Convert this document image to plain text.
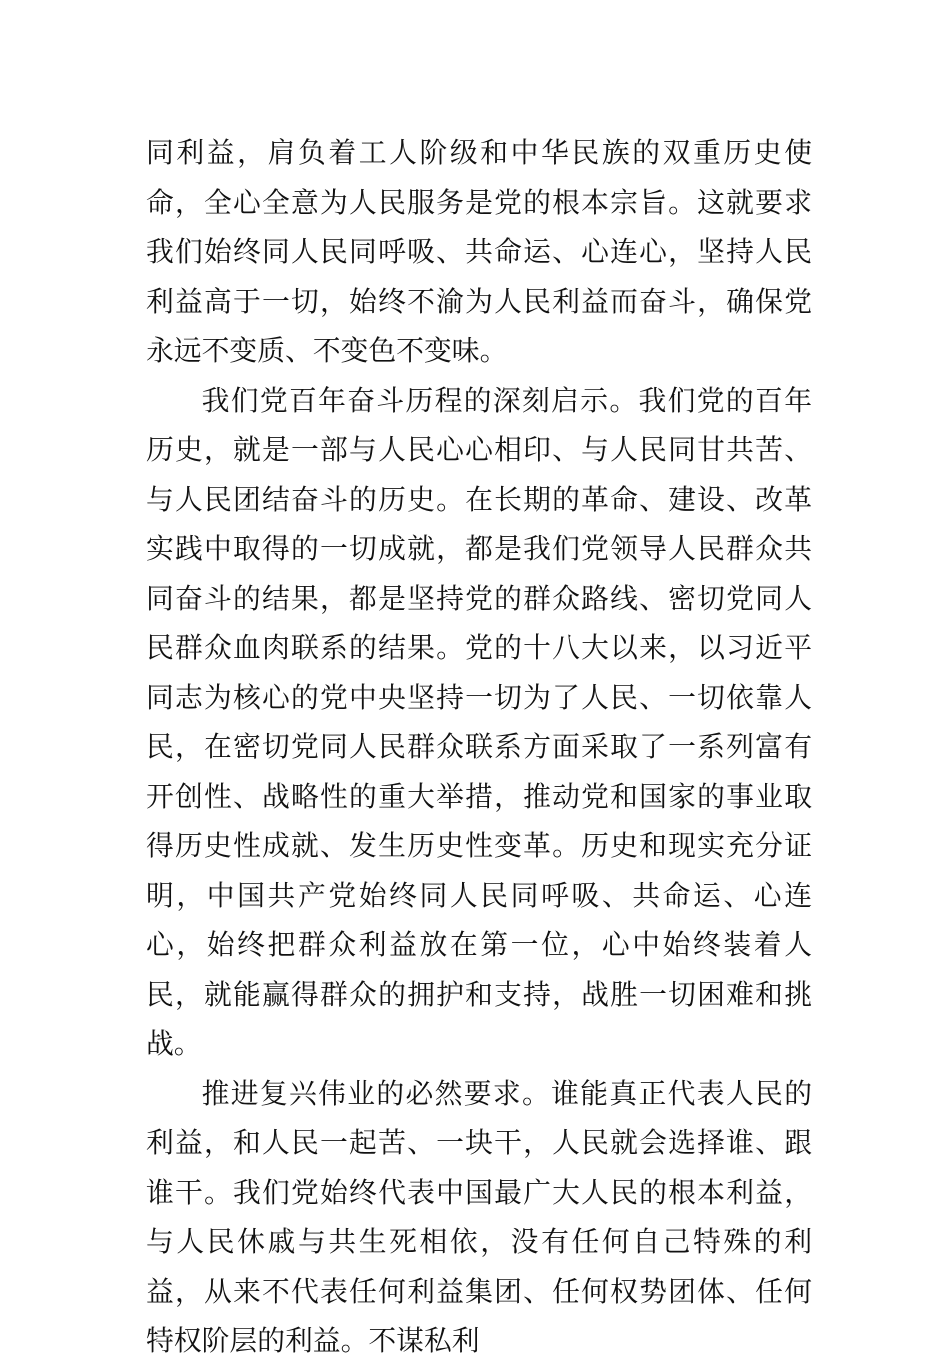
同利益，肩负着工人阶级和中华民族的双重历史使命，全心全意为人民服务是党的根本宗旨。这就要求我们始终同人民同呼吸、共命运、心连心，坚持人民利益高于一切，始终不渝为人民利益而奋斗，确保党永远不变质、不变色不变味。

我们党百年奋斗历程的深刻启示。我们党的百年历史，就是一部与人民心心相印、与人民同甘共苦、与人民团结奋斗的历史。在长期的革命、建设、改革实践中取得的一切成就，都是我们党领导人民群众共同奋斗的结果，都是坚持党的群众路线、密切党同人民群众血肉联系的结果。党的十八大以来，以习近平同志为核心的党中央坚持一切为了人民、一切依靠人民，在密切党同人民群众联系方面采取了一系列富有开创性、战略性的重大举措，推动党和国家的事业取得历史性成就、发生历史性变革。历史和现实充分证明，中国共产党始终同人民同呼吸、共命运、心连心，始终把群众利益放在第一位，心中始终装着人民，就能赢得群众的拥护和支持，战胜一切困难和挑战。

推进复兴伟业的必然要求。谁能真正代表人民的利益，和人民一起苦、一块干，人民就会选择谁、跟谁干。我们党始终代表中国最广大人民的根本利益，与人民休戚与共生死相依，没有任何自己特殊的利益，从来不代表任何利益集团、任何权势团体、任何特权阶层的利益。不谋私利
